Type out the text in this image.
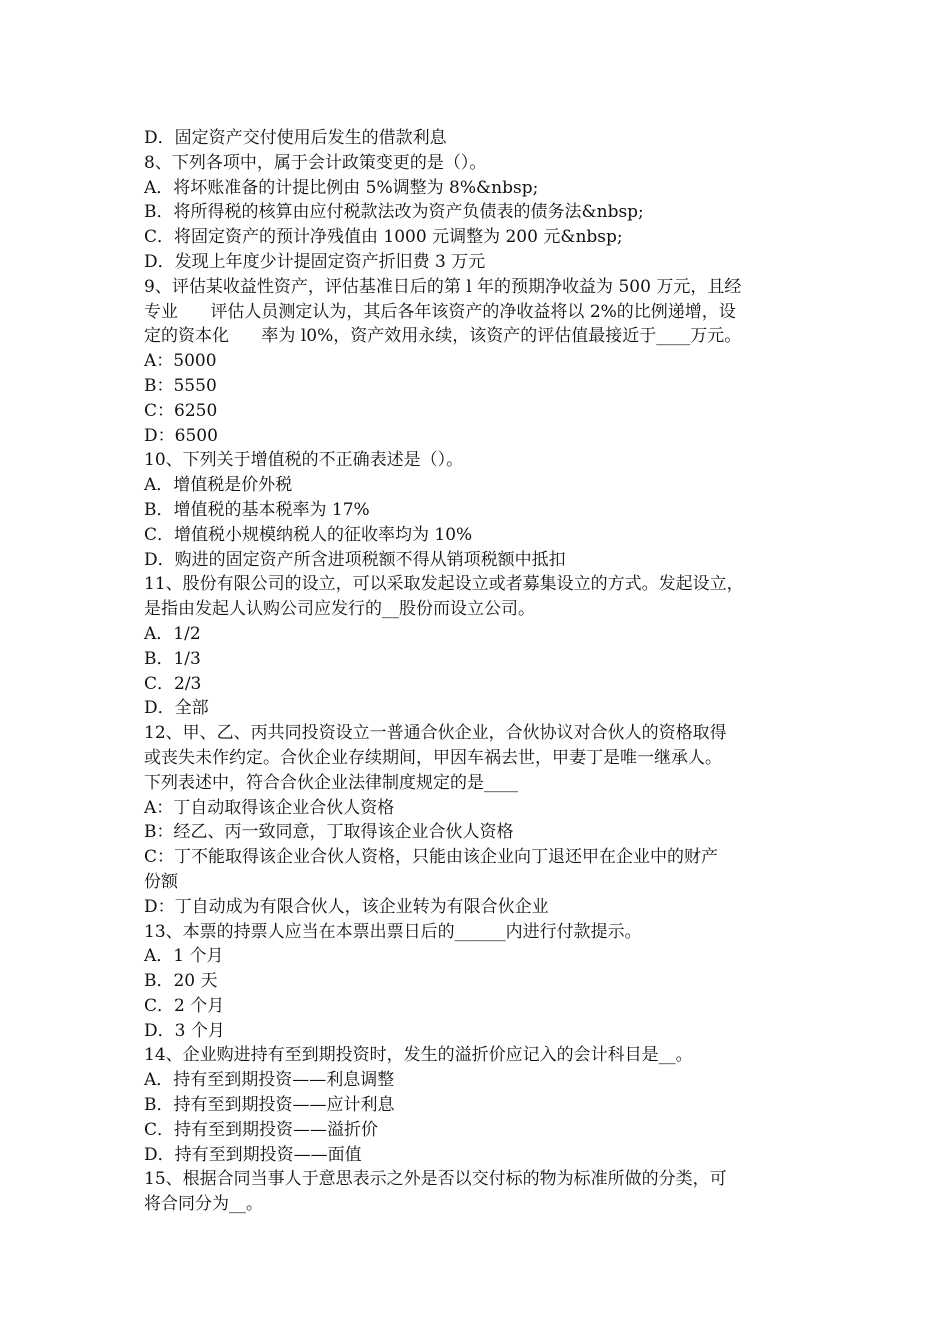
D．固定资产交付使用后发生的借款利息
8、下列各项中，属于会计政策变更的是（）。
A．将坏账准备的计提比例由 5%调整为 8%&nbsp;
B．将所得税的核算由应付税款法改为资产负债表的债务法&nbsp;
C．将固定资产的预计净残值由 1000 元调整为 200 元&nbsp;
D．发现上年度少计提固定资产折旧费 3 万元
9、评估某收益性资产，评估基准日后的第 l 年的预期净收益为 500 万元，且经
专业      评估人员测定认为，其后各年该资产的净收益将以 2%的比例递增，设
定的资本化      率为 l0%，资产效用永续，该资产的评估值最接近于____万元。
A：5000
B：5550
C：6250
D：6500
10、下列关于增值税的不正确表述是（）。
A．增值税是价外税
B．增值税的基本税率为 17%
C．增值税小规模纳税人的征收率均为 10%
D．购进的固定资产所含进项税额不得从销项税额中抵扣
11、股份有限公司的设立，可以采取发起设立或者募集设立的方式。发起设立，
是指由发起人认购公司应发行的__股份而设立公司。
A．1/2
B．1/3
C．2/3
D．全部
12、甲、乙、丙共同投资设立一普通合伙企业，合伙协议对合伙人的资格取得
或丧失未作约定。合伙企业存续期间，甲因车祸去世，甲妻丁是唯一继承人。
下列表述中，符合合伙企业法律制度规定的是____
A：丁自动取得该企业合伙人资格
B：经乙、丙一致同意，丁取得该企业合伙人资格
C：丁不能取得该企业合伙人资格，只能由该企业向丁退还甲在企业中的财产
份额
D：丁自动成为有限合伙人，该企业转为有限合伙企业
13、本票的持票人应当在本票出票日后的______内进行付款提示。
A．1 个月
B．20 天
C．2 个月
D．3 个月
14、企业购进持有至到期投资时，发生的溢折价应记入的会计科目是__。
A．持有至到期投资——利息调整
B．持有至到期投资——应计利息
C．持有至到期投资——溢折价
D．持有至到期投资——面值
15、根据合同当事人于意思表示之外是否以交付标的物为标准所做的分类，可
将合同分为__。
